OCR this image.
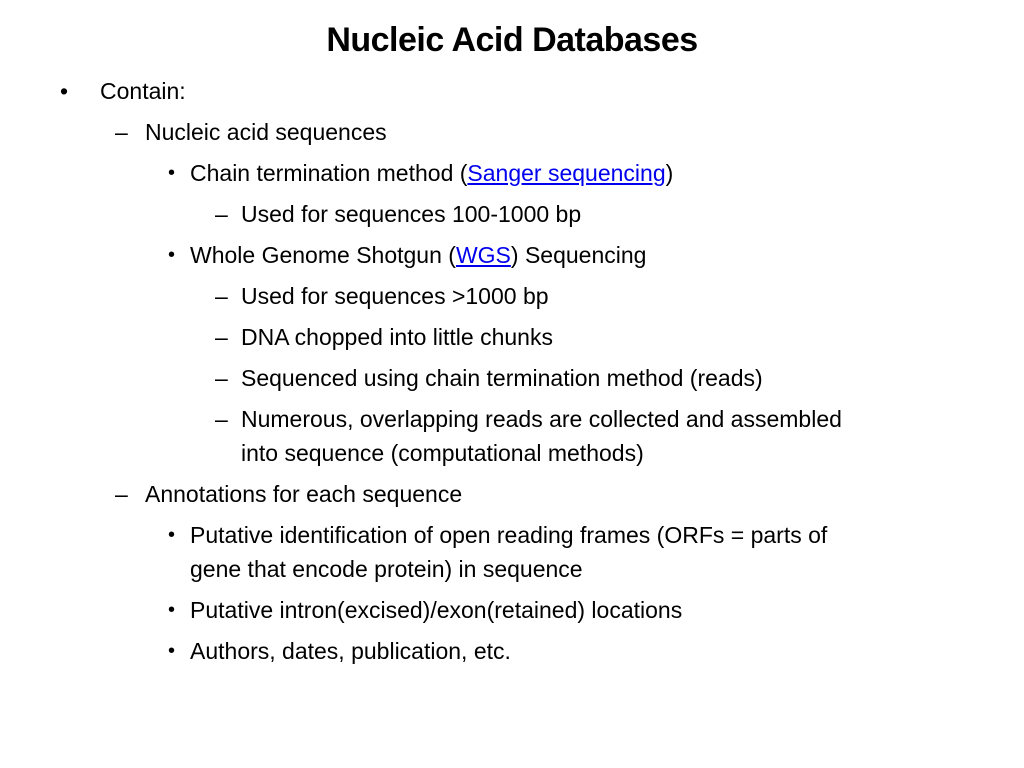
Nucleic Acid Databases
• Contain:
– Nucleic acid sequences
• Chain termination method (Sanger sequencing)
– Used for sequences 100-1000 bp
• Whole Genome Shotgun (WGS) Sequencing
– Used for sequences >1000 bp
– DNA chopped into little chunks
– Sequenced using chain termination method (reads)
– Numerous, overlapping reads are collected and assembled
into sequence (computational methods)
– Annotations for each sequence
• Putative identification of open reading frames (ORFs = parts of
gene that encode protein) in sequence
• Putative intron(excised)/exon(retained) locations
• Authors, dates, publication, etc.
